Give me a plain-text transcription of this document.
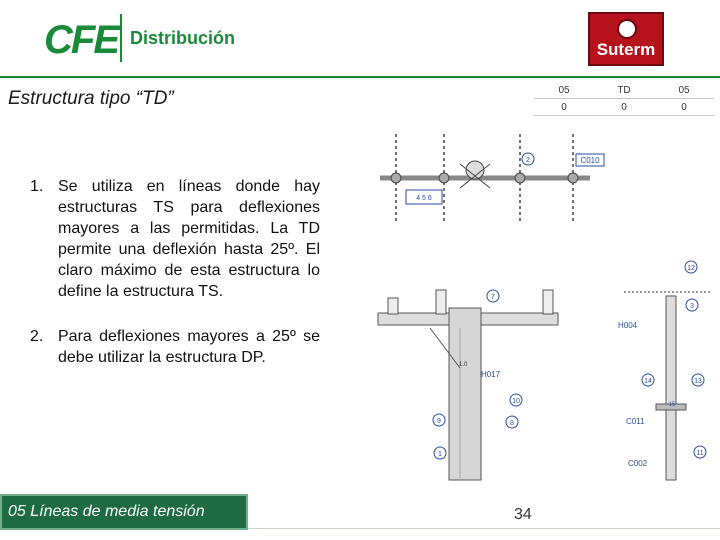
CFE Distribución
Suterm
Estructura tipo “TD”	05	TD	05
0	0	0
1. Se utiliza en líneas donde hay estructuras TS para deflexiones mayores a las permitidas. La TD permite una deflexión hasta 25º. El claro máximo de esta estructura lo define la estructura TS.
2. Para deflexiones mayores a 25º se debe utilizar la estructura DP.
2	C010
4 5 6
1.0
7
H017
10
9	8
1
12
3
H004
14	13
15
C011
11
C002
05 Líneas de media tensión	34
